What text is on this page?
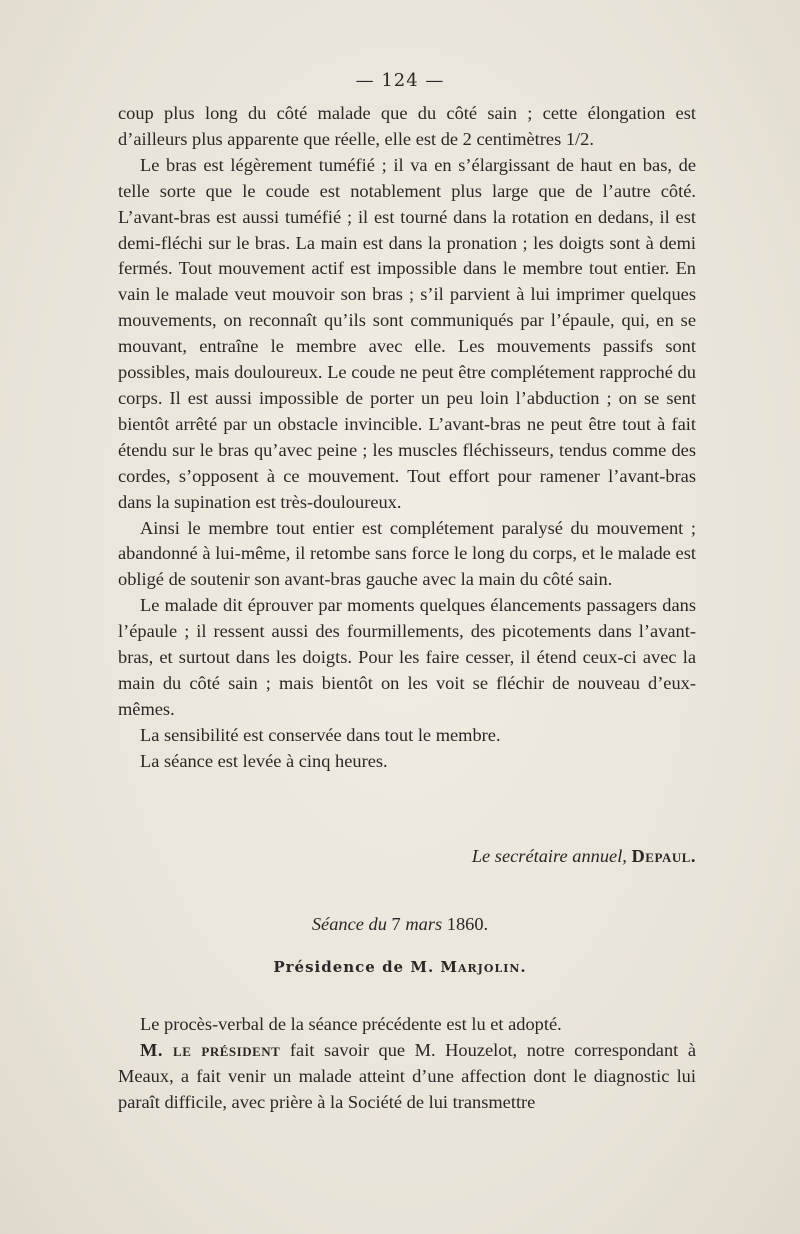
— 124 —

coup plus long du côté malade que du côté sain ; cette élongation est d’ailleurs plus apparente que réelle, elle est de 2 centimètres 1/2.

Le bras est légèrement tuméfié ; il va en s’élargissant de haut en bas, de telle sorte que le coude est notablement plus large que de l’autre côté. L’avant-bras est aussi tuméfié ; il est tourné dans la rotation en dedans, il est demi-fléchi sur le bras. La main est dans la pronation ; les doigts sont à demi fermés. Tout mouvement actif est impossible dans le membre tout entier. En vain le malade veut mouvoir son bras ; s’il parvient à lui imprimer quelques mouvements, on reconnaît qu’ils sont communiqués par l’épaule, qui, en se mouvant, entraîne le membre avec elle. Les mouvements passifs sont possibles, mais douloureux. Le coude ne peut être complétement rapproché du corps. Il est aussi impossible de porter un peu loin l’abduction ; on se sent bientôt arrêté par un obstacle invincible. L’avant-bras ne peut être tout à fait étendu sur le bras qu’avec peine ; les muscles fléchisseurs, tendus comme des cordes, s’opposent à ce mouvement. Tout effort pour ramener l’avant-bras dans la supination est très-douloureux.

Ainsi le membre tout entier est complétement paralysé du mouvement ; abandonné à lui-même, il retombe sans force le long du corps, et le malade est obligé de soutenir son avant-bras gauche avec la main du côté sain.

Le malade dit éprouver par moments quelques élancements passagers dans l’épaule ; il ressent aussi des fourmillements, des picotements dans l’avant-bras, et surtout dans les doigts. Pour les faire cesser, il étend ceux-ci avec la main du côté sain ; mais bientôt on les voit se fléchir de nouveau d’eux-mêmes.

La sensibilité est conservée dans tout le membre.

La séance est levée à cinq heures.

Le secrétaire annuel, Depaul.
Séance du 7 mars 1860.
Présidence de M. Marjolin.

Le procès-verbal de la séance précédente est lu et adopté.

M. le président fait savoir que M. Houzelot, notre correspondant à Meaux, a fait venir un malade atteint d’une affection dont le diagnostic lui paraît difficile, avec prière à la Société de lui transmettre
